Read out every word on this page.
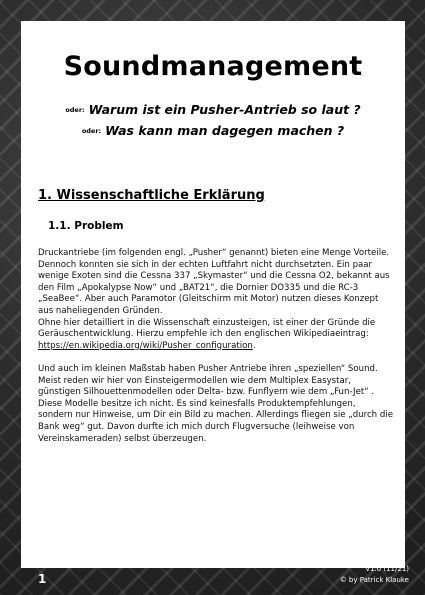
Soundmanagement

oder: Warum ist ein Pusher-Antrieb so laut ?

oder: Was kann man dagegen machen ?

1. Wissenschaftliche Erklärung
1.1. Problem

Druckantriebe (im folgenden engl. „Pusher“ genannt) bieten eine Menge Vorteile. Dennoch konnten sie sich in der echten Luftfahrt nicht durchsetzten. Ein paar wenige Exoten sind die Cessna 337 „Skymaster“ und die Cessna O2, bekannt aus den Film „Apokalypse Now“ und „BAT21“, die Dornier DO335 und die RC-3 „SeaBee“. Aber auch Paramotor (Gleitschirm mit Motor) nutzen dieses Konzept aus naheliegenden Gründen.

Ohne hier detailliert in die Wissenschaft einzusteigen, ist einer der Gründe die Geräuschentwicklung. Hierzu empfehle ich den englischen Wikipediaeintrag: https://en.wikipedia.org/wiki/Pusher_configuration.

Und auch im kleinen Maßstab haben Pusher Antriebe ihren „speziellen“ Sound. Meist reden wir hier von Einsteigermodellen wie dem Multiplex Easystar, günstigen Silhouettenmodellen oder Delta- bzw. Funflyern wie dem „Fun-Jet“ . Diese Modelle besitze ich nicht. Es sind keinesfalls Produktempfehlungen, sondern nur Hinweise, um Dir ein Bild zu machen. Allerdings fliegen sie „durch die Bank weg“ gut. Davon durfte ich mich durch Flugversuche (leihweise von Vereinskameraden) selbst überzeugen.

1

V1.0 (11/21)

© by Patrick Klauke
